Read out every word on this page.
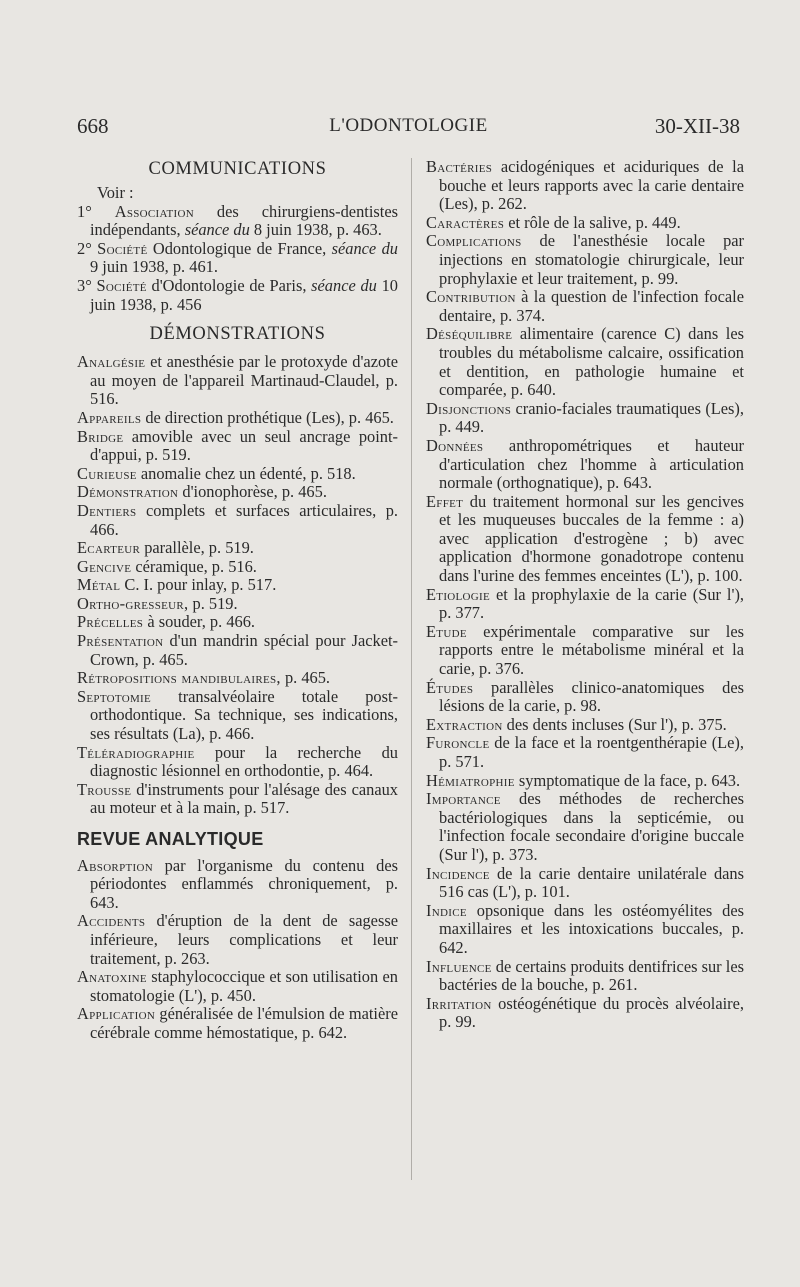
668	L'ODONTOLOGIE	30-XII-38
COMMUNICATIONS

Voir :

1° Association des chirurgiens-dentistes indépendants, séance du 8 juin 1938, p. 463.

2° Société Odontologique de France, séance du 9 juin 1938, p. 461.

3° Société d'Odontologie de Paris, séance du 10 juin 1938, p. 456

DÉMONSTRATIONS

Analgésie et anesthésie par le protoxyde d'azote au moyen de l'appareil Martinaud-Claudel, p. 516.

Appareils de direction prothétique (Les), p. 465.

Bridge amovible avec un seul ancrage point-d'appui, p. 519.

Curieuse anomalie chez un édenté, p. 518.

Démonstration d'ionophorèse, p. 465.

Dentiers complets et surfaces articulaires, p. 466.

Ecarteur parallèle, p. 519.

Gencive céramique, p. 516.

Métal C. I. pour inlay, p. 517.

Ortho-gresseur, p. 519.

Précelles à souder, p. 466.

Présentation d'un mandrin spécial pour Jacket-Crown, p. 465.

Rétropositions mandibulaires, p. 465.

Septotomie transalvéolaire totale post-orthodontique. Sa technique, ses indications, ses résultats (La), p. 466.

Téléradiographie pour la recherche du diagnostic lésionnel en orthodontie, p. 464.

Trousse d'instruments pour l'alésage des canaux au moteur et à la main, p. 517.

REVUE ANALYTIQUE

Absorption par l'organisme du contenu des périodontes enflammés chroniquement, p. 643.

Accidents d'éruption de la dent de sagesse inférieure, leurs complications et leur traitement, p. 263.

Anatoxine staphylococcique et son utilisation en stomatologie (L'), p. 450.

Application généralisée de l'émulsion de matière cérébrale comme hémostatique, p. 642.

Bactéries acidogéniques et aciduriques de la bouche et leurs rapports avec la carie dentaire (Les), p. 262.

Caractères et rôle de la salive, p. 449.

Complications de l'anesthésie locale par injections en stomatologie chirurgicale, leur prophylaxie et leur traitement, p. 99.

Contribution à la question de l'infection focale dentaire, p. 374.

Déséquilibre alimentaire (carence C) dans les troubles du métabolisme calcaire, ossification et dentition, en pathologie humaine et comparée, p. 640.

Disjonctions cranio-faciales traumatiques (Les), p. 449.

Données anthropométriques et hauteur d'articulation chez l'homme à articulation normale (orthognatique), p. 643.

Effet du traitement hormonal sur les gencives et les muqueuses buccales de la femme : a) avec application d'estrogène ; b) avec application d'hormone gonadotrope contenu dans l'urine des femmes enceintes (L'), p. 100.

Etiologie et la prophylaxie de la carie (Sur l'), p. 377.

Etude expérimentale comparative sur les rapports entre le métabolisme minéral et la carie, p. 376.

Études parallèles clinico-anatomiques des lésions de la carie, p. 98.

Extraction des dents incluses (Sur l'), p. 375.

Furoncle de la face et la roentgenthérapie (Le), p. 571.

Hémiatrophie symptomatique de la face, p. 643.

Importance des méthodes de recherches bactériologiques dans la septicémie, ou l'infection focale secondaire d'origine buccale (Sur l'), p. 373.

Incidence de la carie dentaire unilatérale dans 516 cas (L'), p. 101.

Indice opsonique dans les ostéomyélites des maxillaires et les intoxications buccales, p. 642.

Influence de certains produits dentifrices sur les bactéries de la bouche, p. 261.

Irritation ostéogénétique du procès alvéolaire, p. 99.
